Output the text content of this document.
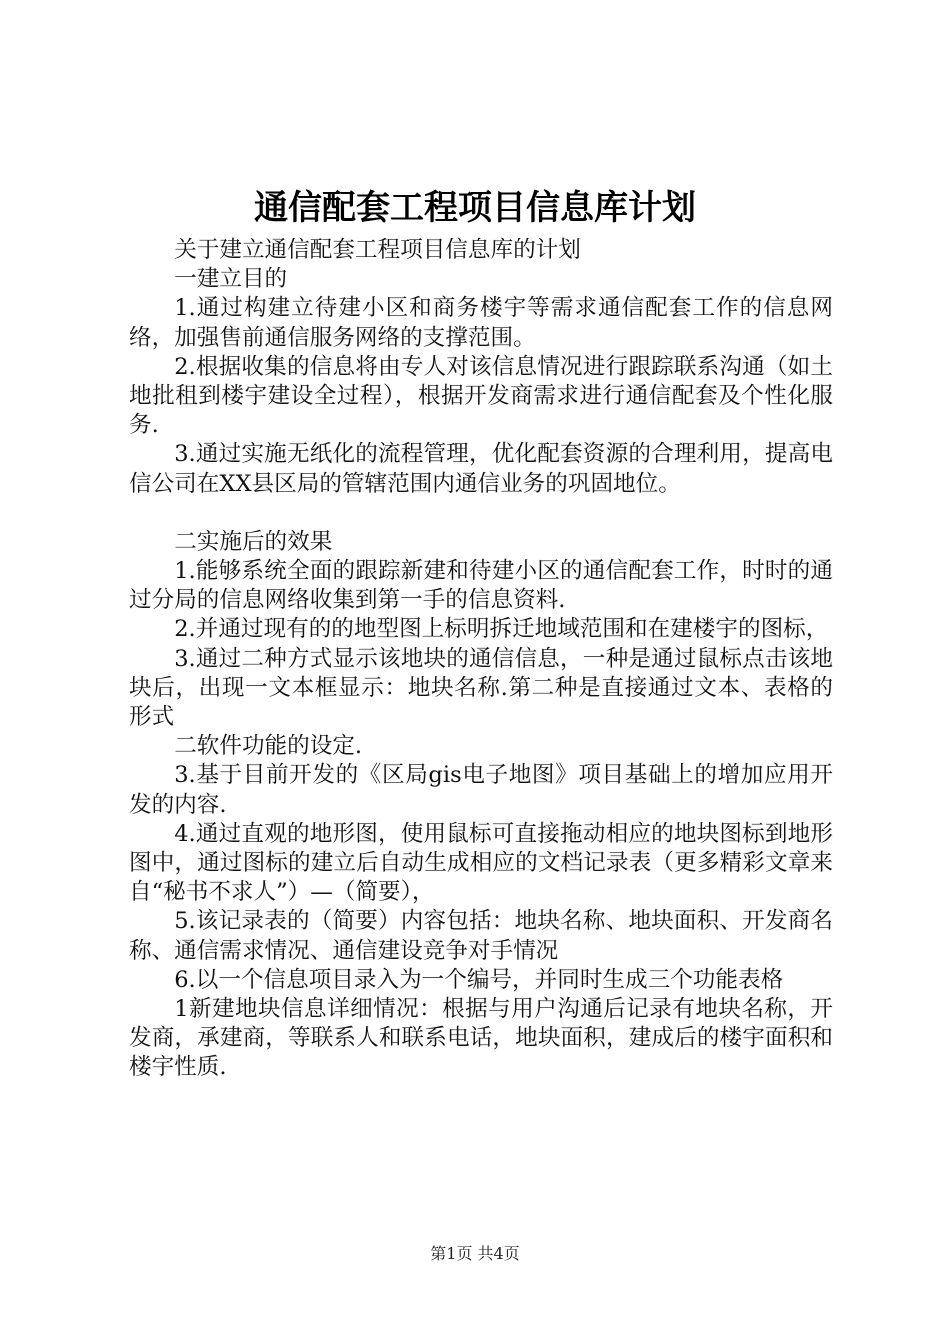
通信配套工程项目信息库计划

关于建立通信配套工程项目信息库的计划

一建立目的

1.通过构建立待建小区和商务楼宇等需求通信配套工作的信息网络，加强售前通信服务网络的支撑范围。

2.根据收集的信息将由专人对该信息情况进行跟踪联系沟通（如土地批租到楼宇建设全过程），根据开发商需求进行通信配套及个性化服务.

3.通过实施无纸化的流程管理，优化配套资源的合理利用，提高电信公司在XX县区局的管辖范围内通信业务的巩固地位。

二实施后的效果

1.能够系统全面的跟踪新建和待建小区的通信配套工作，时时的通过分局的信息网络收集到第一手的信息资料.

2.并通过现有的的地型图上标明拆迁地域范围和在建楼宇的图标，

3.通过二种方式显示该地块的通信信息，一种是通过鼠标点击该地块后，出现一文本框显示：地块名称.第二种是直接通过文本、表格的形式

二软件功能的设定.

3.基于目前开发的《区局gis电子地图》项目基础上的增加应用开发的内容.

4.通过直观的地形图，使用鼠标可直接拖动相应的地块图标到地形图中，通过图标的建立后自动生成相应的文档记录表（更多精彩文章来自“秘书不求人”）—（简要），

5.该记录表的（简要）内容包括：地块名称、地块面积、开发商名称、通信需求情况、通信建设竞争对手情况

6.以一个信息项目录入为一个编号，并同时生成三个功能表格

1新建地块信息详细情况：根据与用户沟通后记录有地块名称，开发商，承建商，等联系人和联系电话，地块面积，建成后的楼宇面积和楼宇性质.

第1页 共4页
